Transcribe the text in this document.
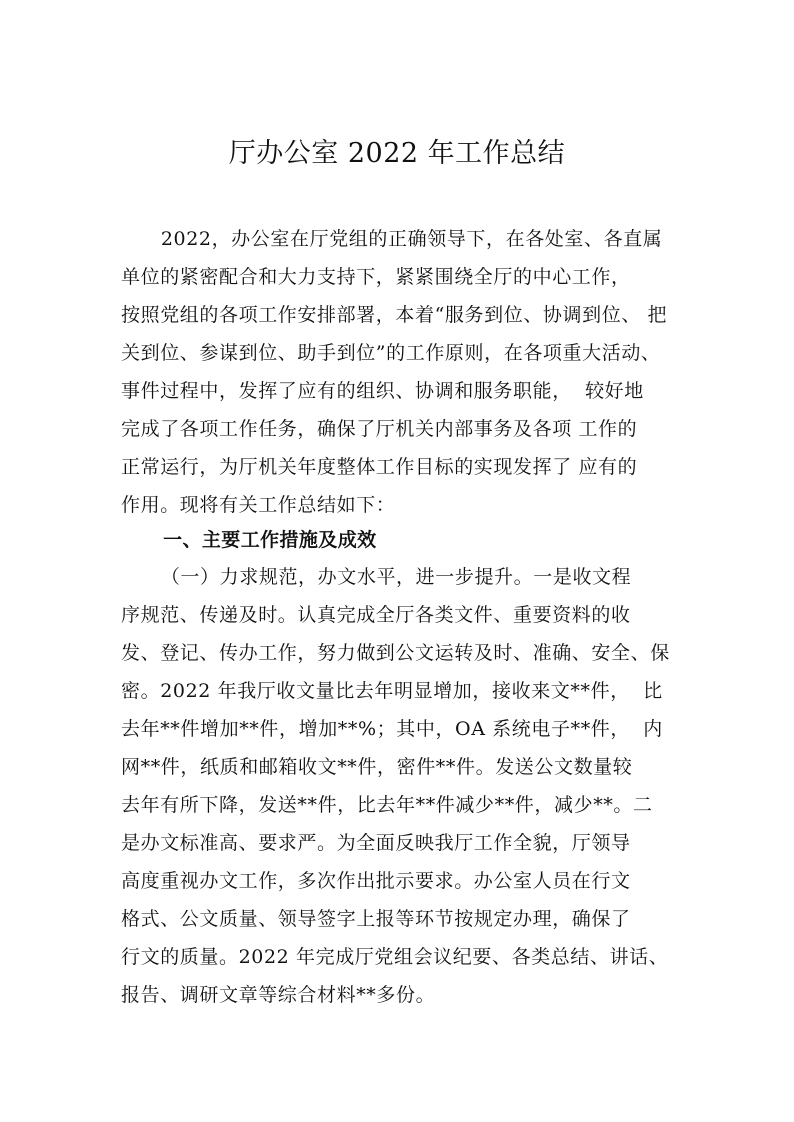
厅办公室 2022 年工作总结
2022，办公室在厅党组的正确领导下，在各处室、各直属
单位的紧密配合和大力支持下，紧紧围绕全厅的中心工作，
按照党组的各项工作安排部署，本着“服务到位、协调到位、 把
关到位、参谋到位、助手到位”的工作原则，在各项重大活动、
事件过程中，发挥了应有的组织、协调和服务职能，  较好地
完成了各项工作任务，确保了厅机关内部事务及各项 工作的
正常运行，为厅机关年度整体工作目标的实现发挥了 应有的
作用。现将有关工作总结如下：
一、主要工作措施及成效
（一）力求规范，办文水平，进一步提升。一是收文程
序规范、传递及时。认真完成全厅各类文件、重要资料的收
发、登记、传办工作，努力做到公文运转及时、准确、安全、保
密。2022 年我厅收文量比去年明显增加，接收来文**件，  比
去年**件增加**件，增加**%；其中，OA 系统电子**件，  内
网**件，纸质和邮箱收文**件，密件**件。发送公文数量较
去年有所下降，发送**件，比去年**件减少**件，减少**。二
是办文标准高、要求严。为全面反映我厅工作全貌，厅领导
高度重视办文工作，多次作出批示要求。办公室人员在行文
格式、公文质量、领导签字上报等环节按规定办理，确保了
行文的质量。2022 年完成厅党组会议纪要、各类总结、讲话、
报告、调研文章等综合材料**多份。
